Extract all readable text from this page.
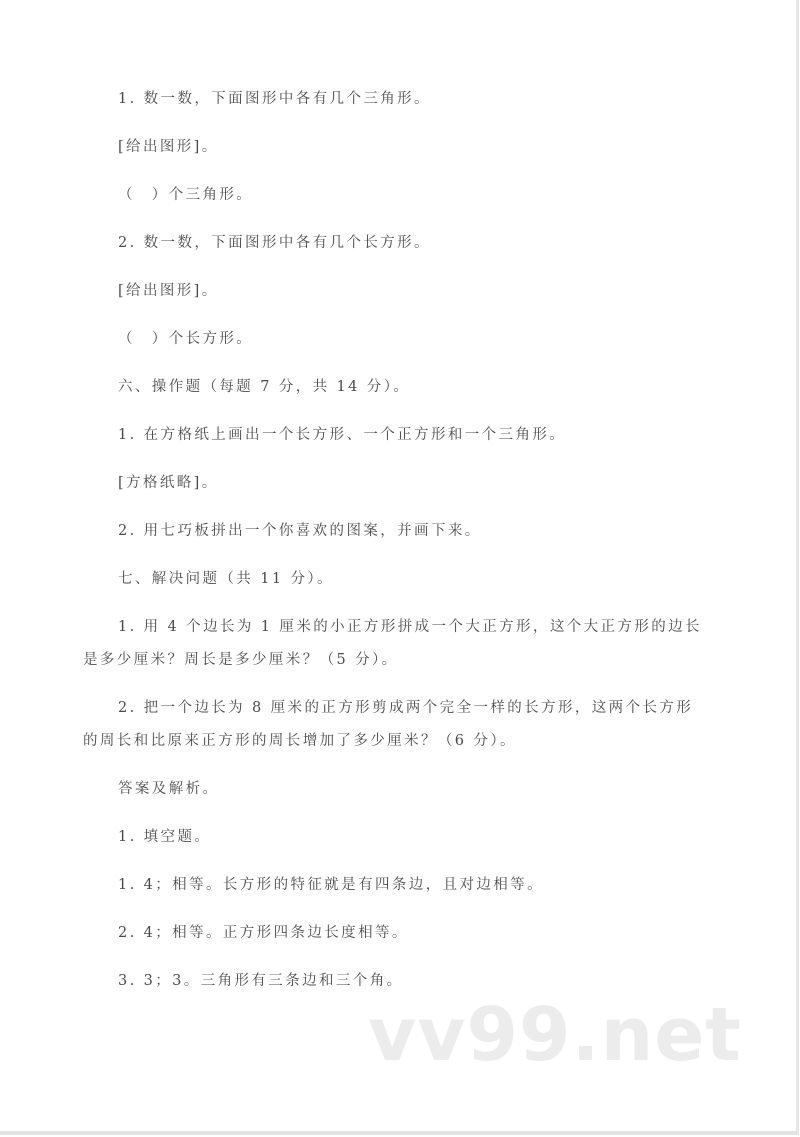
1. 数一数，下面图形中各有几个三角形。

[给出图形]。

（　）个三角形。

2. 数一数，下面图形中各有几个长方形。

[给出图形]。

（　）个长方形。

六、操作题（每题 7 分，共 14 分）。

1. 在方格纸上画出一个长方形、一个正方形和一个三角形。

[方格纸略]。

2. 用七巧板拼出一个你喜欢的图案，并画下来。

七、解决问题（共 11 分）。

1. 用 4 个边长为 1 厘米的小正方形拼成一个大正方形，这个大正方形的边长是多少厘米？周长是多少厘米？（5 分）。

2. 把一个边长为 8 厘米的正方形剪成两个完全一样的长方形，这两个长方形的周长和比原来正方形的周长增加了多少厘米？（6 分）。

答案及解析。

1. 填空题。

1. 4；相等。长方形的特征就是有四条边，且对边相等。

2. 4；相等。正方形四条边长度相等。

3. 3；3。三角形有三条边和三个角。

vv99.net
